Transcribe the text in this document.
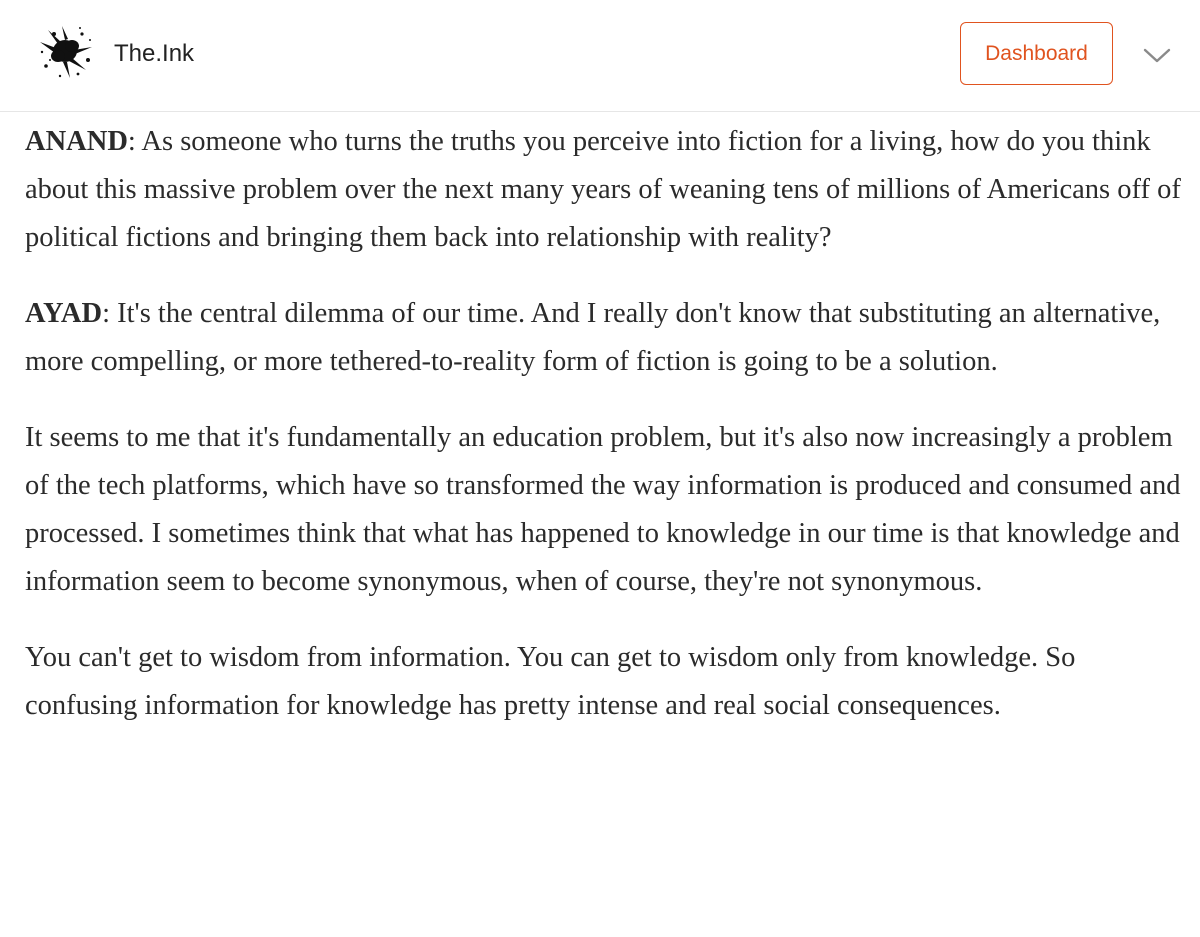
The.Ink	Dashboard

ANAND: As someone who turns the truths you perceive into fiction for a living, how do you think about this massive problem over the next many years of weaning tens of millions of Americans off of political fictions and bringing them back into relationship with reality?

AYAD: It's the central dilemma of our time. And I really don't know that substituting an alternative, more compelling, or more tethered-to-reality form of fiction is going to be a solution.

It seems to me that it's fundamentally an education problem, but it's also now increasingly a problem of the tech platforms, which have so transformed the way information is produced and consumed and processed. I sometimes think that what has happened to knowledge in our time is that knowledge and information seem to become synonymous, when of course, they're not synonymous.

You can't get to wisdom from information. You can get to wisdom only from knowledge. So confusing information for knowledge has pretty intense and real social consequences.
